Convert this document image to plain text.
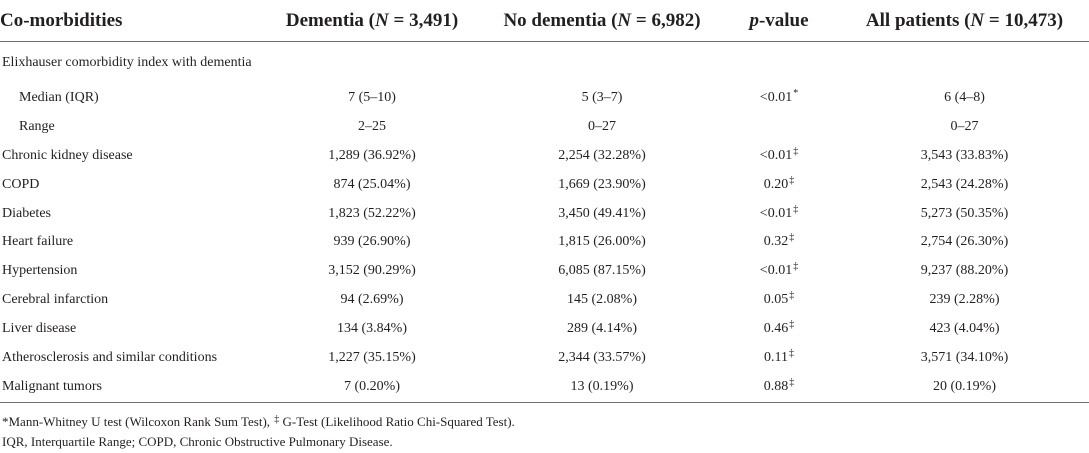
Co-morbidities	Dementia (N = 3,491)	No dementia (N = 6,982)	p-value	All patients (N = 10,473)
Elixhauser comorbidity index with dementia				
Median (IQR)	7 (5–10)	5 (3–7)	<0.01*	6 (4–8)
Range	2–25	0–27		0–27
Chronic kidney disease	1,289 (36.92%)	2,254 (32.28%)	<0.01‡	3,543 (33.83%)
COPD	874 (25.04%)	1,669 (23.90%)	0.20‡	2,543 (24.28%)
Diabetes	1,823 (52.22%)	3,450 (49.41%)	<0.01‡	5,273 (50.35%)
Heart failure	939 (26.90%)	1,815 (26.00%)	0.32‡	2,754 (26.30%)
Hypertension	3,152 (90.29%)	6,085 (87.15%)	<0.01‡	9,237 (88.20%)
Cerebral infarction	94 (2.69%)	145 (2.08%)	0.05‡	239 (2.28%)
Liver disease	134 (3.84%)	289 (4.14%)	0.46‡	423 (4.04%)
Atherosclerosis and similar conditions	1,227 (35.15%)	2,344 (33.57%)	0.11‡	3,571 (34.10%)
Malignant tumors	7 (0.20%)	13 (0.19%)	0.88‡	20 (0.19%)
*Mann-Whitney U test (Wilcoxon Rank Sum Test), ‡ G-Test (Likelihood Ratio Chi-Squared Test).
IQR, Interquartile Range; COPD, Chronic Obstructive Pulmonary Disease.
